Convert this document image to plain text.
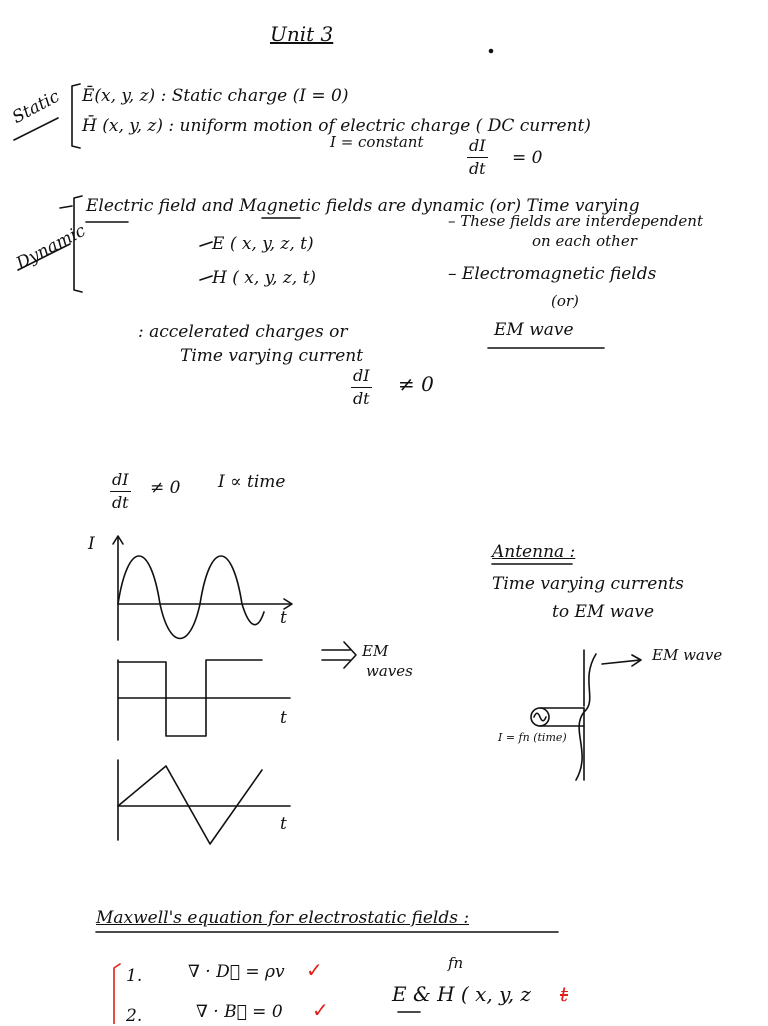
Unit 3
Static Ē(x, y, z) : Static charge (I = 0)
H̄ (x, y, z) : uniform motion of electric charge ( DC current)
I = constant	$\frac{dI}{dt} = 0$
Dynamic
Electric field and Magnetic fields are dynamic (or) Time varying
E ( x, y, z, t)
H ( x, y, z, t)
– These fields are interdependent
on each other
– Electromagnetic fields
(or)
EM wave
: accelerated charges or
Time varying current
$\frac{dI}{dt} \ne 0$
$\frac{dI}{dt} \ne 0$ I ∝ time
I
t
t
t
EM
waves
Antenna :
Time varying currents
to EM wave
EM wave
I = fn (time)
Maxwell's equation for electrostatic fields :
1.	∇ · D⃗ = ρv ✓
2.	∇ · B⃗ = 0 ✓
fn
E & H ( x, y, z t
